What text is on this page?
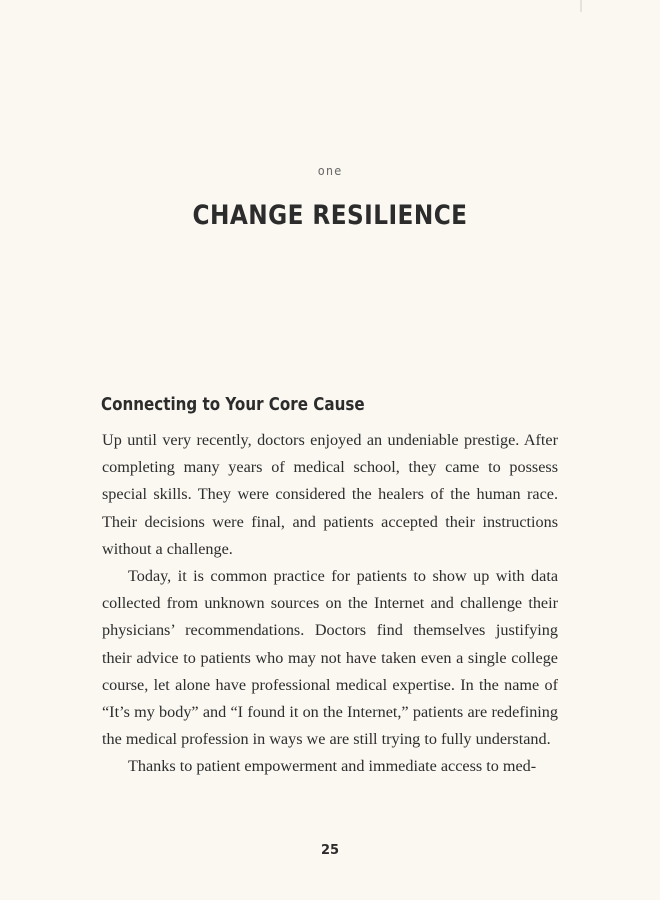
one
CHANGE RESILIENCE
Connecting to Your Core Cause

Up until very recently, doctors enjoyed an undeniable prestige. After completing many years of medical school, they came to possess special skills. They were considered the healers of the human race. Their decisions were final, and patients accepted their instructions without a challenge.

Today, it is common practice for patients to show up with data collected from unknown sources on the Internet and challenge their physicians’ recommendations. Doctors find themselves justifying their advice to patients who may not have taken even a single college course, let alone have professional medical expertise. In the name of “It’s my body” and “I found it on the Internet,” patients are redefining the medical profession in ways we are still trying to fully understand.

Thanks to patient empowerment and immediate access to med-

25
